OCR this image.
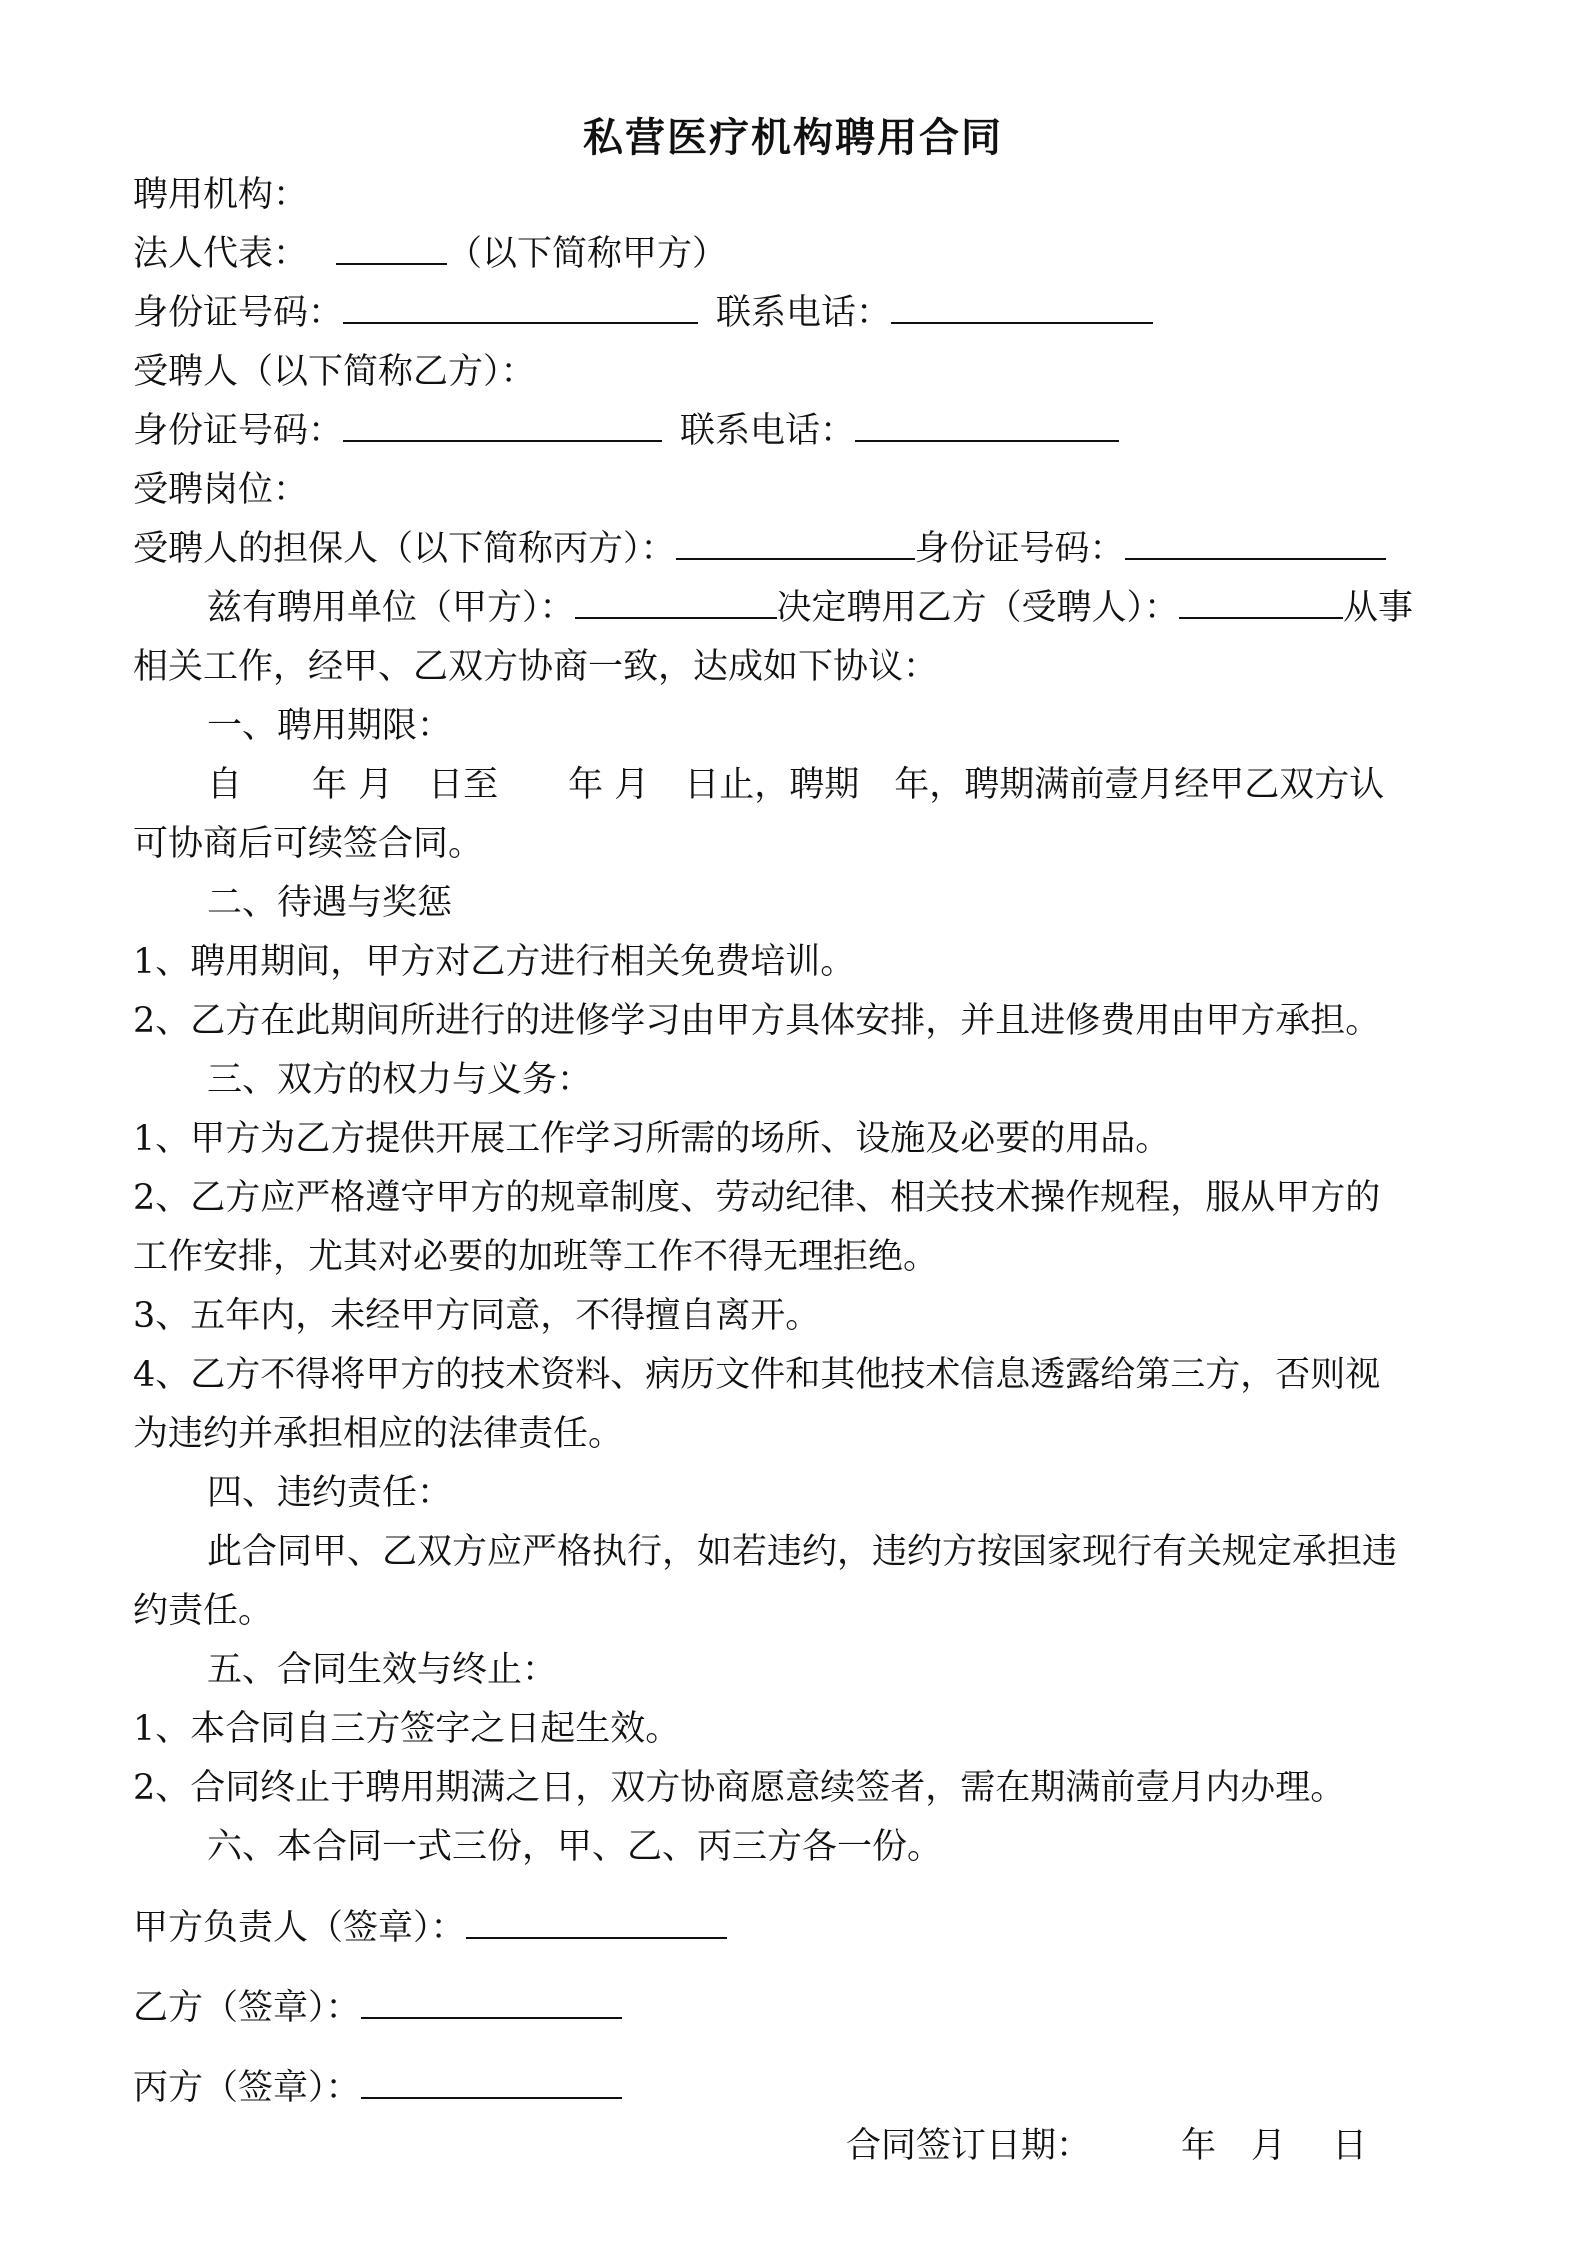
私营医疗机构聘用合同
聘用机构：
法人代表：	（以下简称甲方）
身份证号码：	联系电话：
受聘人（以下简称乙方）：
身份证号码：	联系电话：
受聘岗位：
受聘人的担保人（以下简称丙方）：	身份证号码：
兹有聘用单位（甲方）：	决定聘用乙方（受聘人）：	从事
相关工作，经甲、乙双方协商一致，达成如下协议：
一、聘用期限：
自　　年 月　日至　　年 月　日止，聘期　年，聘期满前壹月经甲乙双方认
可协商后可续签合同。
二、待遇与奖惩
1、聘用期间，甲方对乙方进行相关免费培训。
2、乙方在此期间所进行的进修学习由甲方具体安排，并且进修费用由甲方承担。
三、双方的权力与义务：
1、甲方为乙方提供开展工作学习所需的场所、设施及必要的用品。
2、乙方应严格遵守甲方的规章制度、劳动纪律、相关技术操作规程，服从甲方的
工作安排，尤其对必要的加班等工作不得无理拒绝。
3、五年内，未经甲方同意，不得擅自离开。
4、乙方不得将甲方的技术资料、病历文件和其他技术信息透露给第三方，否则视
为违约并承担相应的法律责任。
四、违约责任：
此合同甲、乙双方应严格执行，如若违约，违约方按国家现行有关规定承担违
约责任。
五、合同生效与终止：
1、本合同自三方签字之日起生效。
2、合同终止于聘用期满之日，双方协商愿意续签者，需在期满前壹月内办理。
六、本合同一式三份，甲、乙、丙三方各一份。
甲方负责人（签章）：
乙方（签章）：
丙方（签章）：
合同签订日期：	年　月　 日
